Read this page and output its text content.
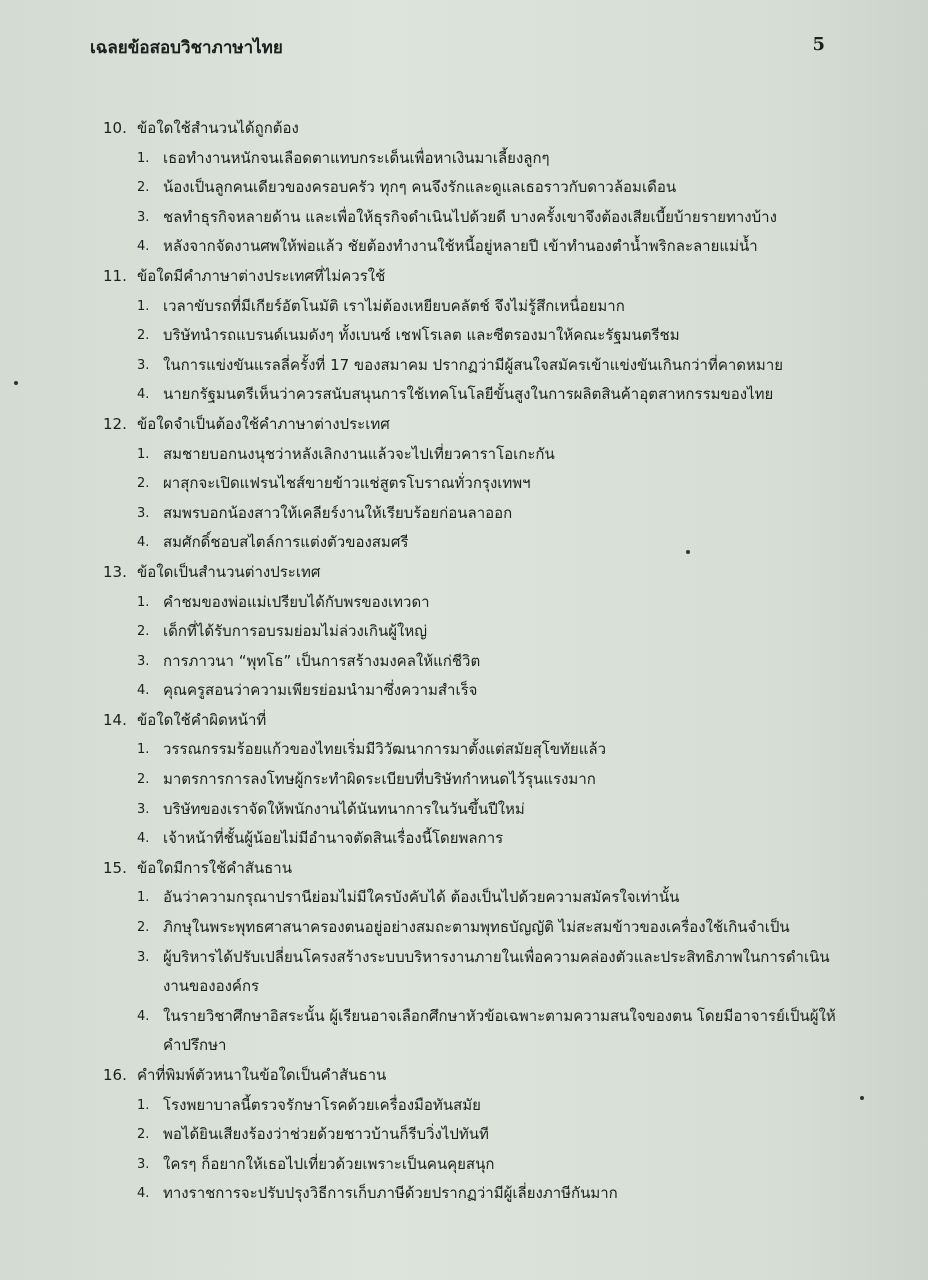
เฉลยข้อสอบวิชาภาษาไทย	5
10. ข้อใดใช้สำนวนได้ถูกต้อง
1. เธอทำงานหนักจนเลือดตาแทบกระเด็นเพื่อหาเงินมาเลี้ยงลูกๆ
2. น้องเป็นลูกคนเดียวของครอบครัว ทุกๆ คนจึงรักและดูแลเธอราวกับดาวล้อมเดือน
3. ชลทำธุรกิจหลายด้าน และเพื่อให้ธุรกิจดำเนินไปด้วยดี บางครั้งเขาจึงต้องเสียเบี้ยบ้ายรายทางบ้าง
4. หลังจากจัดงานศพให้พ่อแล้ว ชัยต้องทำงานใช้หนี้อยู่หลายปี เข้าทำนองตำน้ำพริกละลายแม่น้ำ
11. ข้อใดมีคำภาษาต่างประเทศที่ไม่ควรใช้
1. เวลาขับรถที่มีเกียร์อัตโนมัติ เราไม่ต้องเหยียบคลัตช์ จึงไม่รู้สึกเหนื่อยมาก
2. บริษัทนำรถแบรนด์เนมดังๆ ทั้งเบนซ์ เชฟโรเลต และซีตรองมาให้คณะรัฐมนตรีชม
3. ในการแข่งขันแรลลี่ครั้งที่ 17 ของสมาคม ปรากฏว่ามีผู้สนใจสมัครเข้าแข่งขันเกินกว่าที่คาดหมาย
4. นายกรัฐมนตรีเห็นว่าควรสนับสนุนการใช้เทคโนโลยีขั้นสูงในการผลิตสินค้าอุตสาหกรรมของไทย
12. ข้อใดจำเป็นต้องใช้คำภาษาต่างประเทศ
1. สมชายบอกนงนุชว่าหลังเลิกงานแล้วจะไปเที่ยวคาราโอเกะกัน
2. ผาสุกจะเปิดแฟรนไชส์ขายข้าวแช่สูตรโบราณทั่วกรุงเทพฯ
3. สมพรบอกน้องสาวให้เคลียร์งานให้เรียบร้อยก่อนลาออก
4. สมศักดิ์ชอบสไตล์การแต่งตัวของสมศรี
13. ข้อใดเป็นสำนวนต่างประเทศ
1. คำชมของพ่อแม่เปรียบได้กับพรของเทวดา
2. เด็กที่ได้รับการอบรมย่อมไม่ล่วงเกินผู้ใหญ่
3. การภาวนา “พุทโธ” เป็นการสร้างมงคลให้แก่ชีวิต
4. คุณครูสอนว่าความเพียรย่อมนำมาซึ่งความสำเร็จ
14. ข้อใดใช้คำผิดหน้าที่
1. วรรณกรรมร้อยแก้วของไทยเริ่มมีวิวัฒนาการมาตั้งแต่สมัยสุโขทัยแล้ว
2. มาตรการการลงโทษผู้กระทำผิดระเบียบที่บริษัทกำหนดไว้รุนแรงมาก
3. บริษัทของเราจัดให้พนักงานได้นันทนาการในวันขึ้นปีใหม่
4. เจ้าหน้าที่ชั้นผู้น้อยไม่มีอำนาจตัดสินเรื่องนี้โดยพลการ
15. ข้อใดมีการใช้คำสันธาน
1. อันว่าความกรุณาปรานีย่อมไม่มีใครบังคับได้ ต้องเป็นไปด้วยความสมัครใจเท่านั้น
2. ภิกษุในพระพุทธศาสนาครองตนอยู่อย่างสมถะตามพุทธบัญญัติ ไม่สะสมข้าวของเครื่องใช้เกินจำเป็น
3. ผู้บริหารได้ปรับเปลี่ยนโครงสร้างระบบบริหารงานภายในเพื่อความคล่องตัวและประสิทธิภาพในการดำเนินงานขององค์กร
4. ในรายวิชาศึกษาอิสระนั้น ผู้เรียนอาจเลือกศึกษาหัวข้อเฉพาะตามความสนใจของตน โดยมีอาจารย์เป็นผู้ให้คำปรึกษา
16. คำที่พิมพ์ตัวหนาในข้อใดเป็นคำสันธาน
1. โรงพยาบาลนี้ตรวจรักษาโรคด้วยเครื่องมือทันสมัย
2. พอได้ยินเสียงร้องว่าช่วยด้วยชาวบ้านก็รีบวิ่งไปทันที
3. ใครๆ ก็อยากให้เธอไปเที่ยวด้วยเพราะเป็นคนคุยสนุก
4. ทางราชการจะปรับปรุงวิธีการเก็บภาษีด้วยปรากฏว่ามีผู้เลี่ยงภาษีกันมาก
